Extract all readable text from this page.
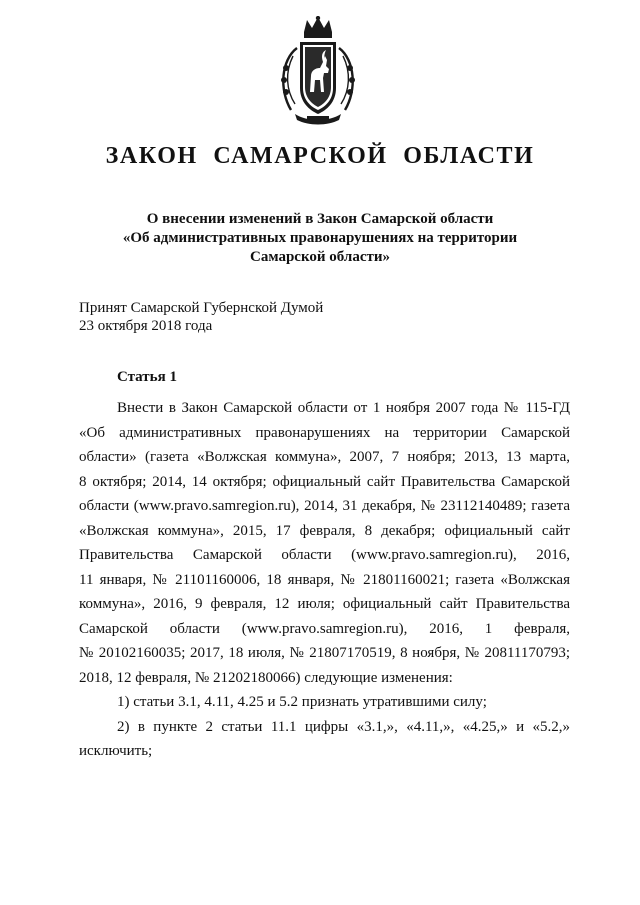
ЗАКОН САМАРСКОЙ ОБЛАСТИ
О внесении изменений в Закон Самарской области
«Об административных правонарушениях на территории
Самарской области»
Принят Самарской Губернской Думой
23 октября 2018 года
Статья 1
Внести в Закон Самарской области от 1 ноября 2007 года № 115-ГД
«Об административных правонарушениях на территории Самарской
области» (газета «Волжская коммуна», 2007, 7 ноября; 2013, 13 марта,
8 октября; 2014, 14 октября; официальный сайт Правительства Самарской
области (www.pravo.samregion.ru), 2014, 31 декабря, № 23112140489; газета
«Волжская коммуна», 2015, 17 февраля, 8 декабря; официальный сайт
Правительства Самарской области (www.pravo.samregion.ru), 2016,
11 января, № 21101160006, 18 января, № 21801160021; газета «Волжская
коммуна», 2016, 9 февраля, 12 июля; официальный сайт Правительства
Самарской области (www.pravo.samregion.ru), 2016, 1 февраля,
№ 20102160035; 2017, 18 июля, № 21807170519, 8 ноября, № 20811170793;
2018, 12 февраля, № 21202180066) следующие изменения:
1) статьи 3.1, 4.11, 4.25 и 5.2 признать утратившими силу;
2) в пункте 2 статьи 11.1 цифры «3.1,», «4.11,», «4.25,» и «5.2,»
исключить;
